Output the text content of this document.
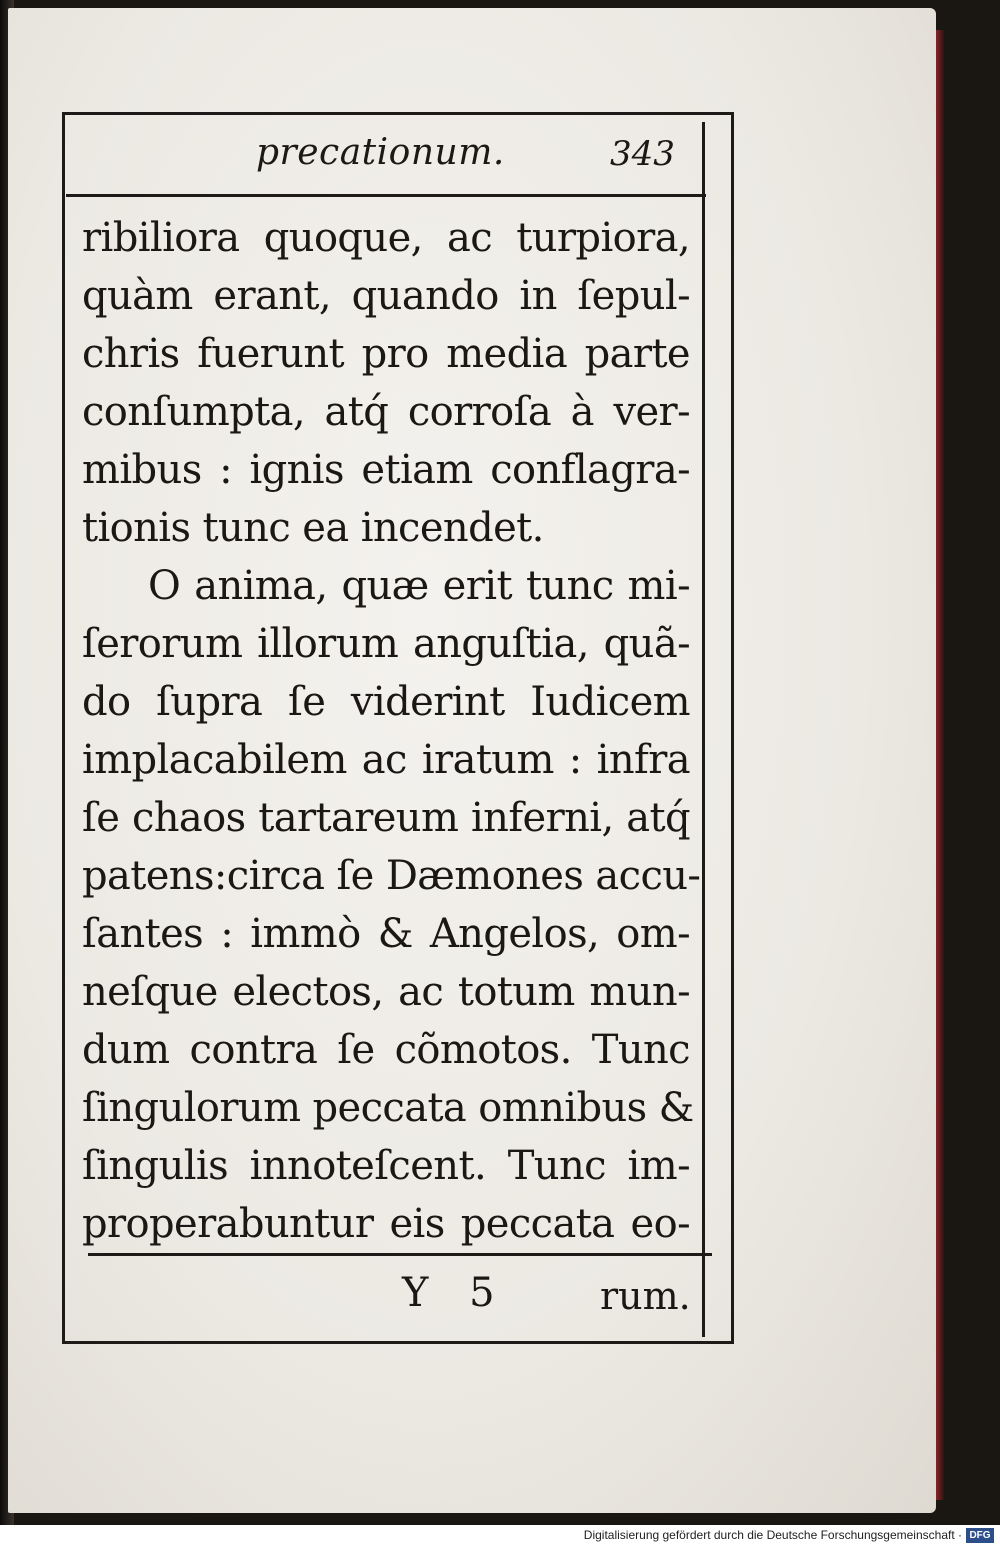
precationum.	343
ribiliora quoque, ac turpiora,
quàm erant, quando in ſepul-
chris fuerunt pro media parte
conſumpta, atq́ corroſa à ver-
mibus : ignis etiam conflagra-
tionis tunc ea incendet.
O anima, quæ erit tunc mi-
ſerorum illorum anguſtia, quã-
do ſupra ſe viderint Iudicem
implacabilem ac iratum : infra
ſe chaos tartareum inferni, atq́
patens:circa ſe Dæmones accu-
ſantes : immò & Angelos, om-
neſque electos, ac totum mun-
dum contra ſe cõmotos. Tunc
ſingulorum peccata omnibus &
ſingulis innoteſcent. Tunc im-
properabuntur eis peccata eo-
Y 5 rum.
Digitalisierung gefördert durch die Deutsche Forschungsgemeinschaft · DFG
